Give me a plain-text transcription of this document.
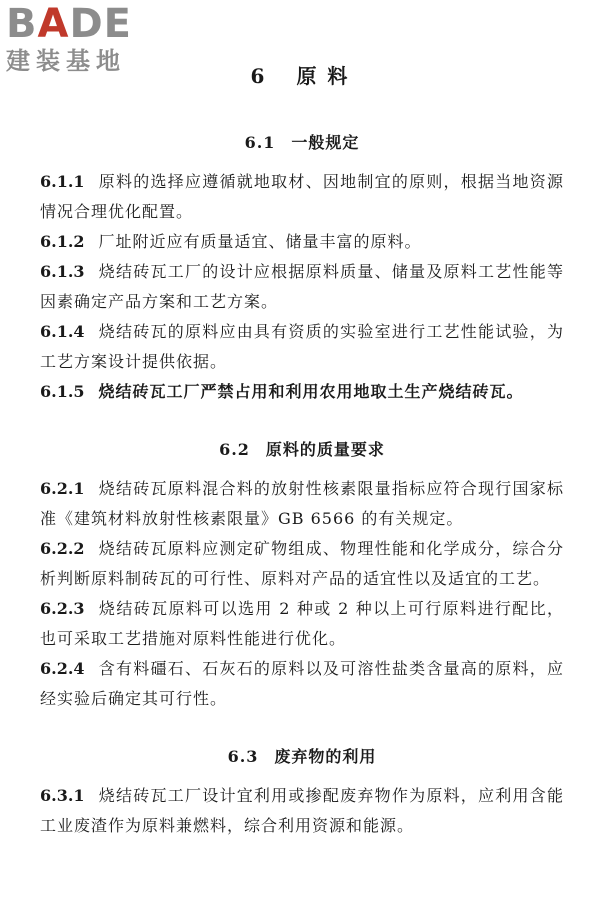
BADE
建装基地
6 原 料
6.1 一般规定

6.1.1 原料的选择应遵循就地取材、因地制宜的原则，根据当地资源情况合理优化配置。

6.1.2 厂址附近应有质量适宜、储量丰富的原料。

6.1.3 烧结砖瓦工厂的设计应根据原料质量、储量及原料工艺性能等因素确定产品方案和工艺方案。

6.1.4 烧结砖瓦的原料应由具有资质的实验室进行工艺性能试验，为工艺方案设计提供依据。

6.1.5 烧结砖瓦工厂严禁占用和利用农用地取土生产烧结砖瓦。

6.2 原料的质量要求

6.2.1 烧结砖瓦原料混合料的放射性核素限量指标应符合现行国家标准《建筑材料放射性核素限量》GB 6566 的有关规定。

6.2.2 烧结砖瓦原料应测定矿物组成、物理性能和化学成分，综合分析判断原料制砖瓦的可行性、原料对产品的适宜性以及适宜的工艺。

6.2.3 烧结砖瓦原料可以选用 2 种或 2 种以上可行原料进行配比，也可采取工艺措施对原料性能进行优化。

6.2.4 含有料礓石、石灰石的原料以及可溶性盐类含量高的原料，应经实验后确定其可行性。

6.3 废弃物的利用

6.3.1 烧结砖瓦工厂设计宜利用或掺配废弃物作为原料，应利用含能工业废渣作为原料兼燃料，综合利用资源和能源。
